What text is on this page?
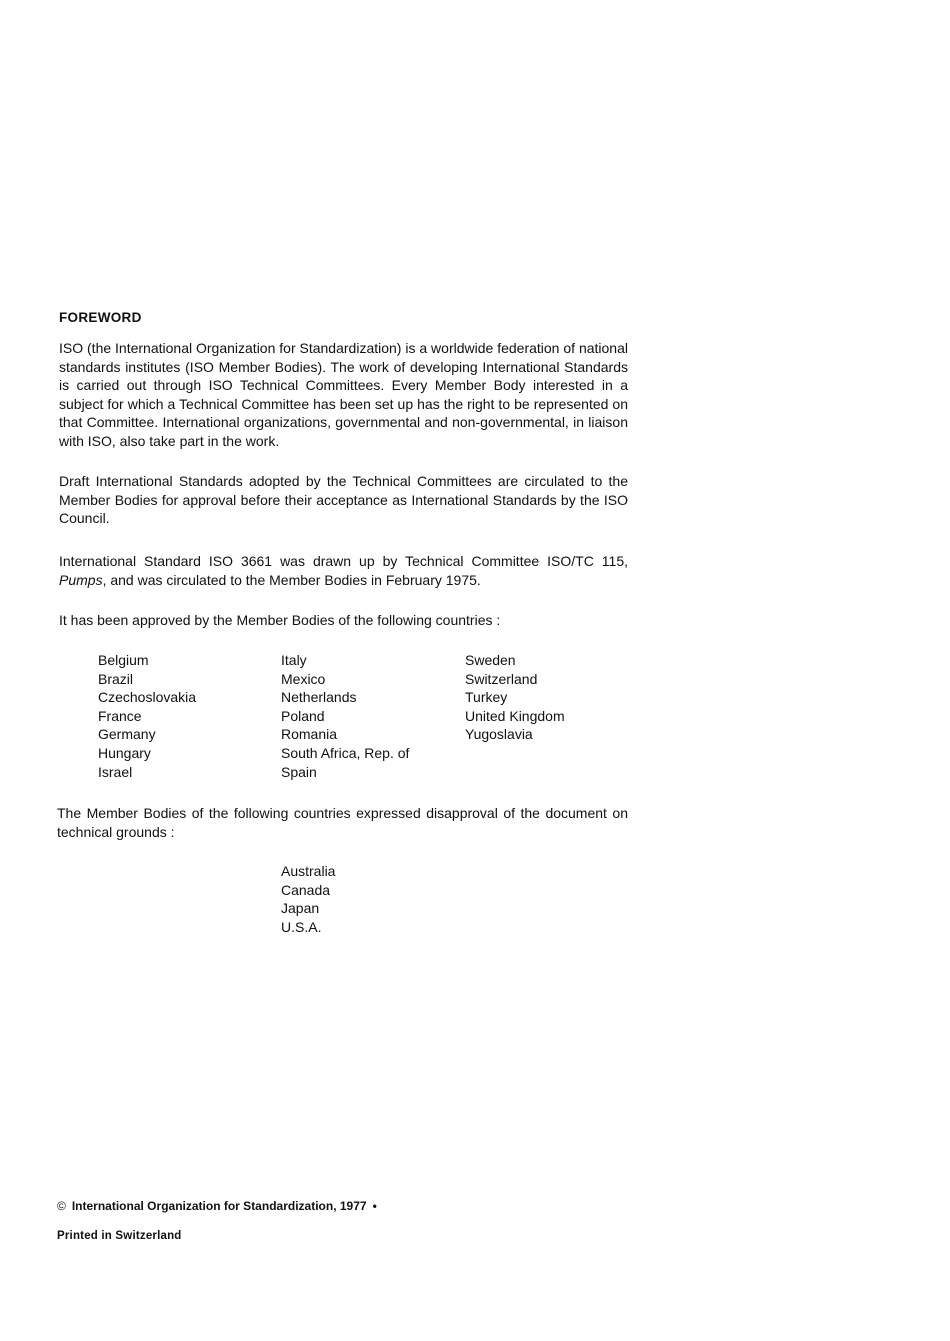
FOREWORD
ISO (the International Organization for Standardization) is a worldwide federation of national standards institutes (ISO Member Bodies). The work of developing International Standards is carried out through ISO Technical Committees. Every Member Body interested in a subject for which a Technical Committee has been set up has the right to be represented on that Committee. International organizations, governmental and non-governmental, in liaison with ISO, also take part in the work.
Draft International Standards adopted by the Technical Committees are circulated to the Member Bodies for approval before their acceptance as International Standards by the ISO Council.
International Standard ISO 3661 was drawn up by Technical Committee ISO/TC 115, Pumps, and was circulated to the Member Bodies in February 1975.
It has been approved by the Member Bodies of the following countries :
Belgium
Brazil
Czechoslovakia
France
Germany
Hungary
Israel
Italy
Mexico
Netherlands
Poland
Romania
South Africa, Rep. of
Spain
Sweden
Switzerland
Turkey
United Kingdom
Yugoslavia
The Member Bodies of the following countries expressed disapproval of the document on technical grounds :
Australia
Canada
Japan
U.S.A.
© International Organization for Standardization, 1977 •
Printed in Switzerland
